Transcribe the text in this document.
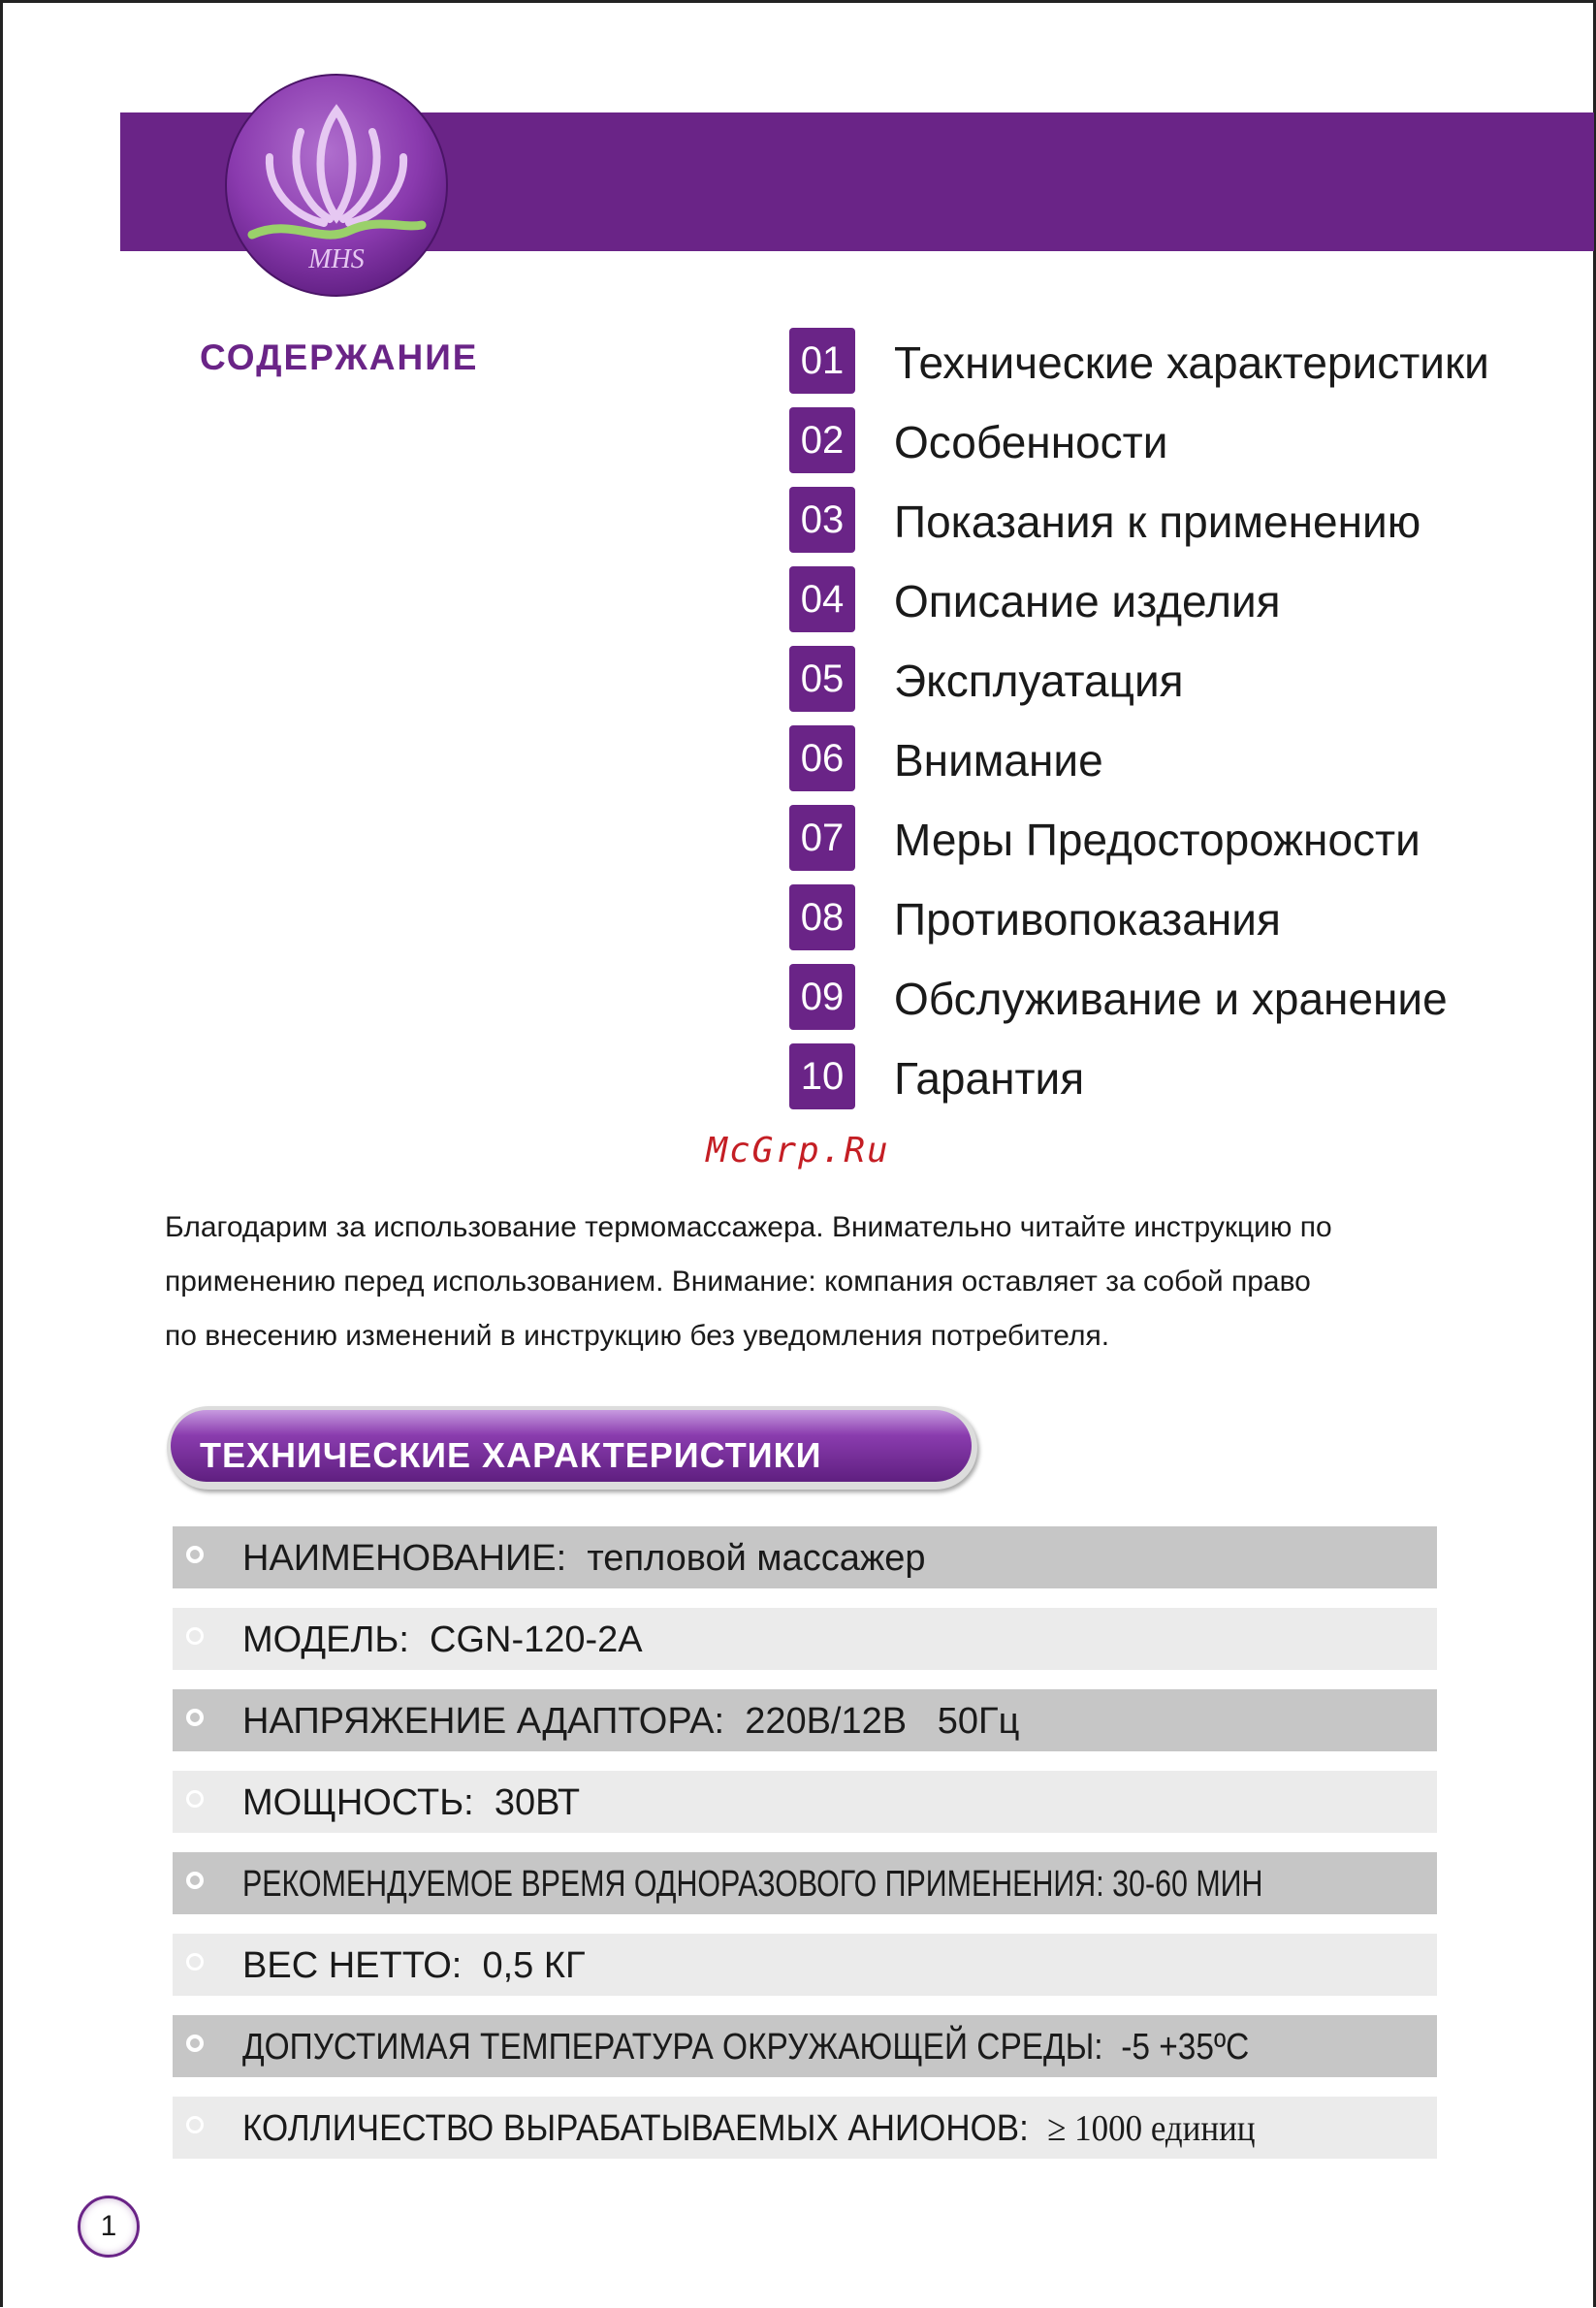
MHS
СОДЕРЖАНИЕ	01 Технические характеристики
02 Особенности
03 Показания к применению
04 Описание изделия
05 Эксплуатация
06 Внимание
07 Меры Предосторожности
08 Противопоказания
09 Обслуживание и хранение
10 Гарантия
McGrp.Ru

Благодарим за использование термомассажера. Внимательно читайте инструкцию по

применению перед использованием. Внимание: компания оставляет за собой право

по внесению изменений в инструкцию без уведомления потребителя.

ТЕХНИЧЕСКИЕ ХАРАКТЕРИСТИКИ
НАИМЕНОВАНИЕ: тепловой массажер
МОДЕЛЬ: CGN-120-2A
НАПРЯЖЕНИЕ АДАПТОРА: 220В/12В   50Гц
МОЩНОСТЬ: 30ВТ
РЕКОМЕНДУЕМОЕ ВРЕМЯ ОДНОРАЗОВОГО ПРИМЕНЕНИЯ: 30-60 МИН
ВЕС НЕТТО: 0,5 КГ
ДОПУСТИМАЯ ТЕМПЕРАТУРА ОКРУЖАЮЩЕЙ СРЕДЫ: -5 +35ºC
КОЛЛИЧЕСТВО ВЫРАБАТЫВАЕМЫХ АНИОНОВ: ≥ 1000 единиц
1
